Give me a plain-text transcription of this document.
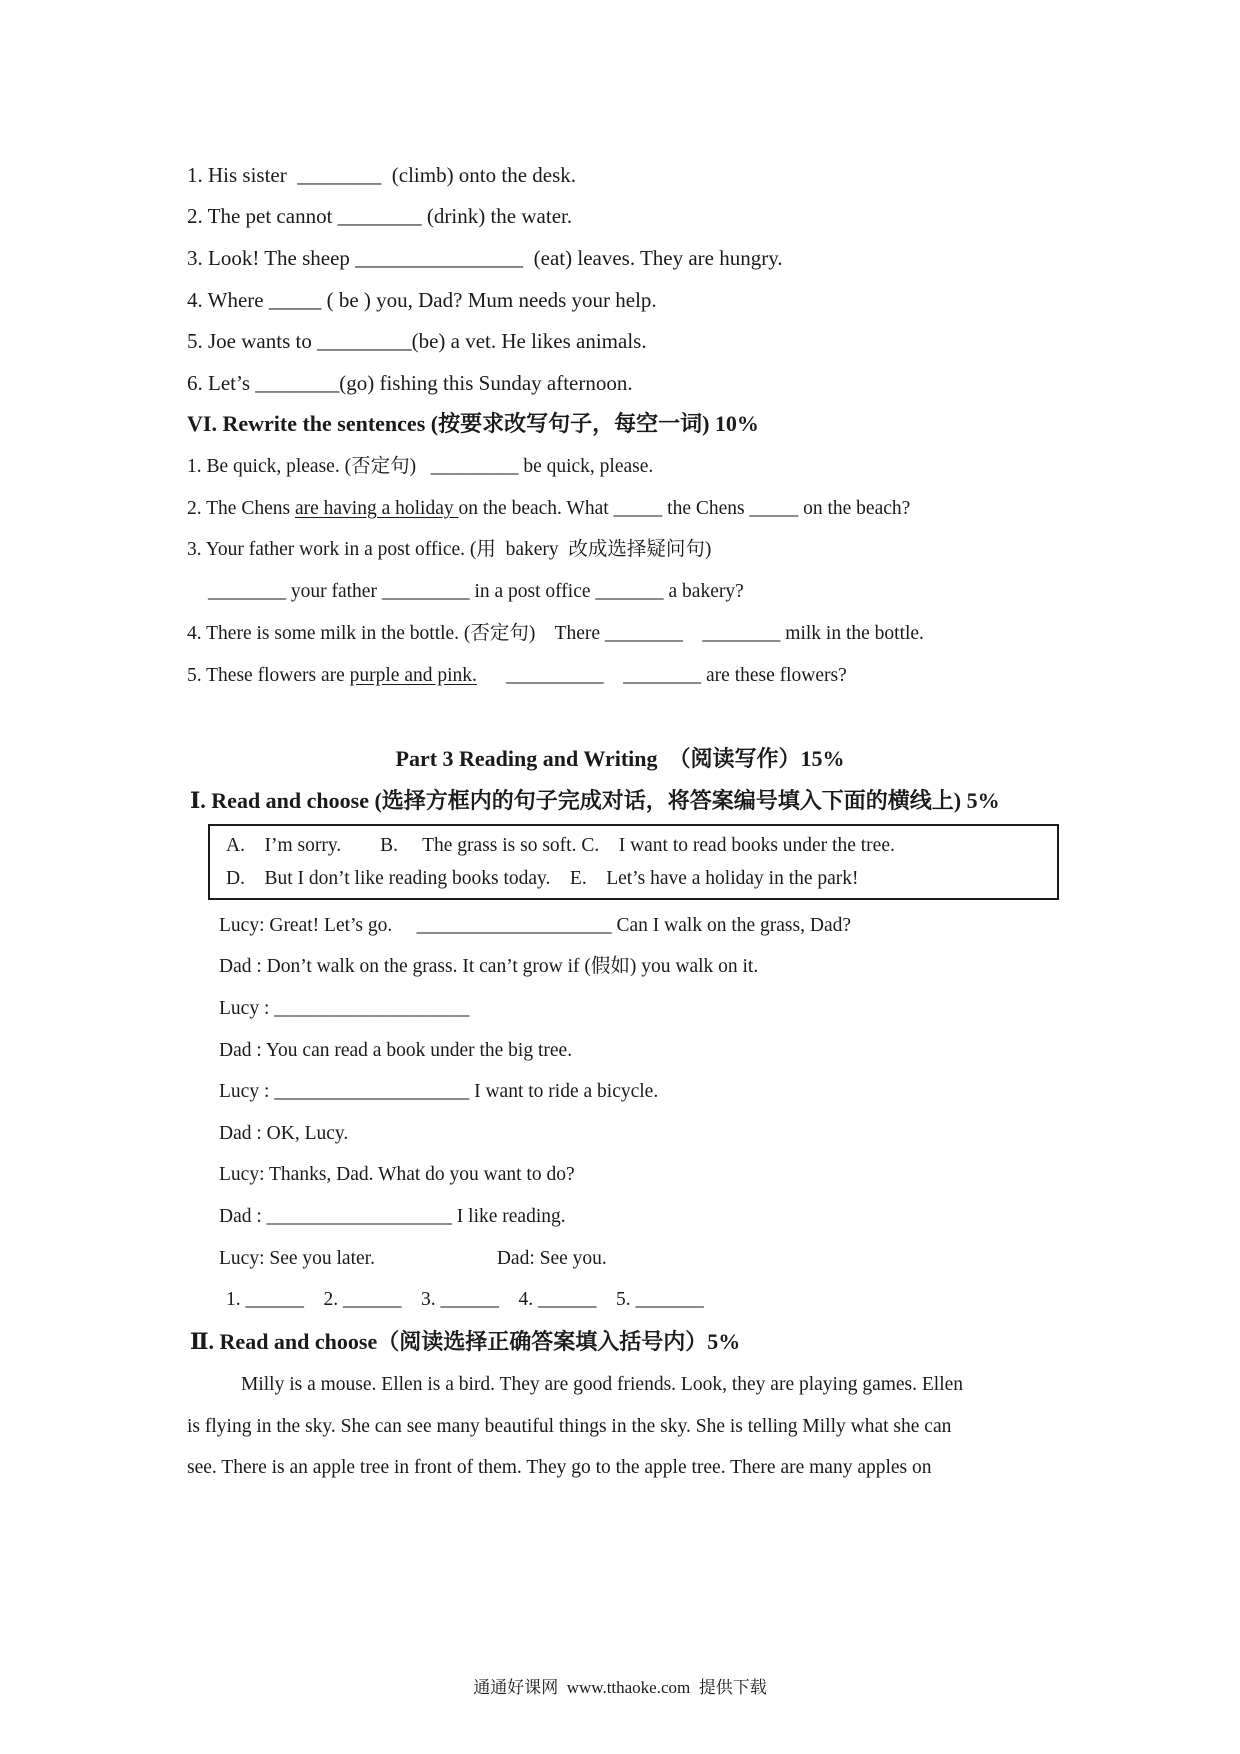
1. His sister  ________  (climb) onto the desk.
2. The pet cannot ________ (drink) the water.
3. Look! The sheep ________________  (eat) leaves. They are hungry.
4. Where _____ ( be ) you, Dad? Mum needs your help.
5. Joe wants to _________(be) a vet. He likes animals.
6. Let’s ________(go) fishing this Sunday afternoon.
VI. Rewrite the sentences (按要求改写句子，每空一词) 10%
1. Be quick, please. (否定句)   _________ be quick, please.
2. The Chens are having a holiday on the beach. What _____ the Chens _____ on the beach?
3. Your father work in a post office. (用  bakery  改成选择疑问句)
________ your father _________ in a post office _______ a bakery?
4. There is some milk in the bottle. (否定句)    There ________    ________ milk in the bottle.
5. These flowers are purple and pink.      __________    ________ are these flowers?
Part 3 Reading and Writing  （阅读写作）15%
Ⅰ. Read and choose (选择方框内的句子完成对话，将答案编号填入下面的横线上) 5%
A.    I’m sorry.        B.     The grass is so soft. C.    I want to read books under the tree.
D.    But I don’t like reading books today.    E.    Let’s have a holiday in the park!
Lucy: Great! Let’s go.     ____________________ Can I walk on the grass, Dad?
Dad : Don’t walk on the grass. It can’t grow if (假如) you walk on it.
Lucy : ____________________
Dad : You can read a book under the big tree.
Lucy : ____________________ I want to ride a bicycle.
Dad : OK, Lucy.
Lucy: Thanks, Dad. What do you want to do?
Dad : ___________________ I like reading.
Lucy: See you later.                         Dad: See you.
1. ______    2. ______    3. ______    4. ______    5. _______
Ⅱ. Read and choose（阅读选择正确答案填入括号内）5%
Milly is a mouse. Ellen is a bird. They are good friends. Look, they are playing games. Ellen
is flying in the sky. She can see many beautiful things in the sky. She is telling Milly what she can
see. There is an apple tree in front of them. They go to the apple tree. There are many apples on
通通好课网  www.tthaoke.com  提供下载
